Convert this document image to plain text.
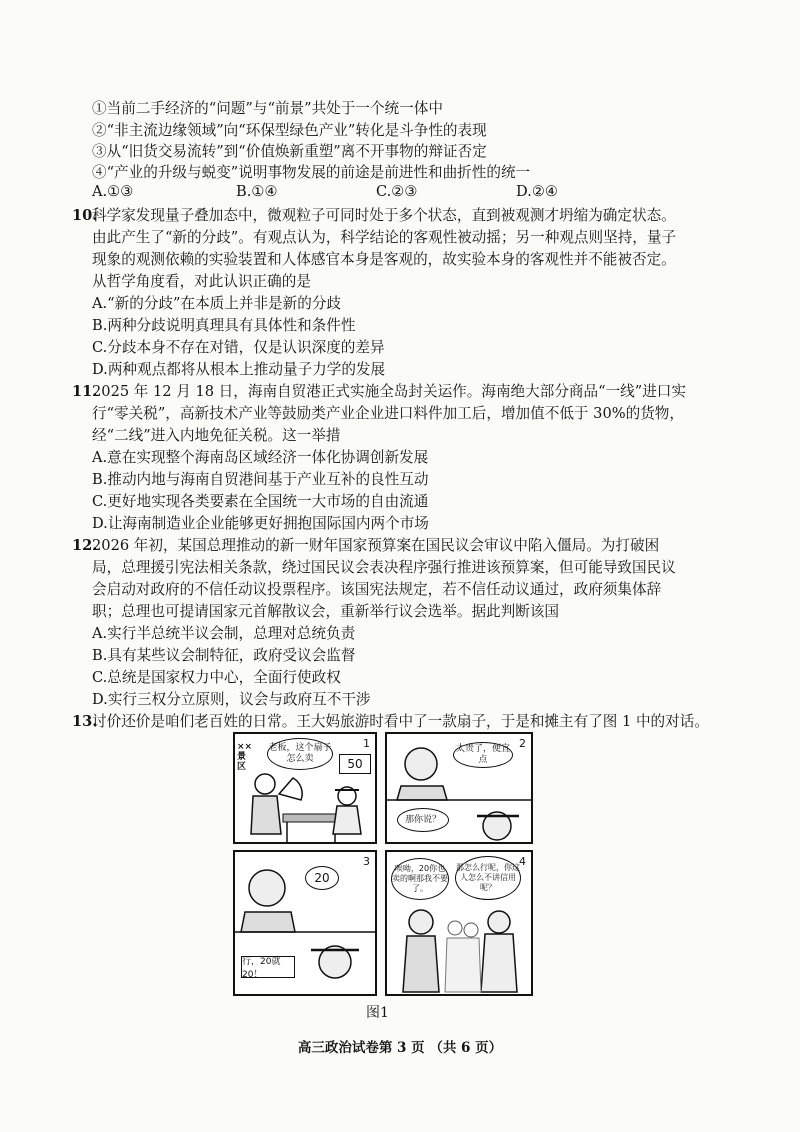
①当前二手经济的“问题”与“前景”共处于一个统一体中
②“非主流边缘领域”向“环保型绿色产业”转化是斗争性的表现
③从“旧货交易流转”到“价值焕新重塑”离不开事物的辩证否定
④“产业的升级与蜕变”说明事物发展的前途是前进性和曲折性的统一
A.①③	B.①④	C.②③	D.②④
10.
科学家发现量子叠加态中，微观粒子可同时处于多个状态，直到被观测才坍缩为确定状态。
由此产生了“新的分歧”。有观点认为，科学结论的客观性被动摇；另一种观点则坚持，量子
现象的观测依赖的实验装置和人体感官本身是客观的，故实验本身的客观性并不能被否定。
从哲学角度看，对此认识正确的是
A.“新的分歧”在本质上并非是新的分歧
B.两种分歧说明真理具有具体性和条件性
C.分歧本身不存在对错，仅是认识深度的差异
D.两种观点都将从根本上推动量子力学的发展
11.
2025 年 12 月 18 日，海南自贸港正式实施全岛封关运作。海南绝大部分商品“一线”进口实
行“零关税”，高新技术产业等鼓励类产业企业进口料件加工后，增加值不低于 30%的货物，
经“二线”进入内地免征关税。这一举措
A.意在实现整个海南岛区域经济一体化协调创新发展
B.推动内地与海南自贸港间基于产业互补的良性互动
C.更好地实现各类要素在全国统一大市场的自由流通
D.让海南制造业企业能够更好拥抱国际国内两个市场
12.
2026 年初，某国总理推动的新一财年国家预算案在国民议会审议中陷入僵局。为打破困
局，总理援引宪法相关条款，绕过国民议会表决程序强行推进该预算案，但可能导致国民议
会启动对政府的不信任动议投票程序。该国宪法规定，若不信任动议通过，政府须集体辞
职；总理也可提请国家元首解散议会，重新举行议会选举。据此判断该国
A.实行半总统半议会制，总理对总统负责
B.具有某些议会制特征，政府受议会监督
C.总统是国家权力中心，全面行使政权
D.实行三权分立原则，议会与政府互不干涉
13.
讨价还价是咱们老百姓的日常。王大妈旅游时看中了一款扇子，于是和摊主有了图 1 中的对话。
1
××景区
老板，这个扇子怎么卖	50
2
太贵了，便宜点
那你说？
3
20
行，20就20！
4
唉呦，20你也卖的啊那我不要了。
那怎么行呢，你这人怎么不讲信用呢？
图1
高三政治试卷第 3 页 （共 6 页）
